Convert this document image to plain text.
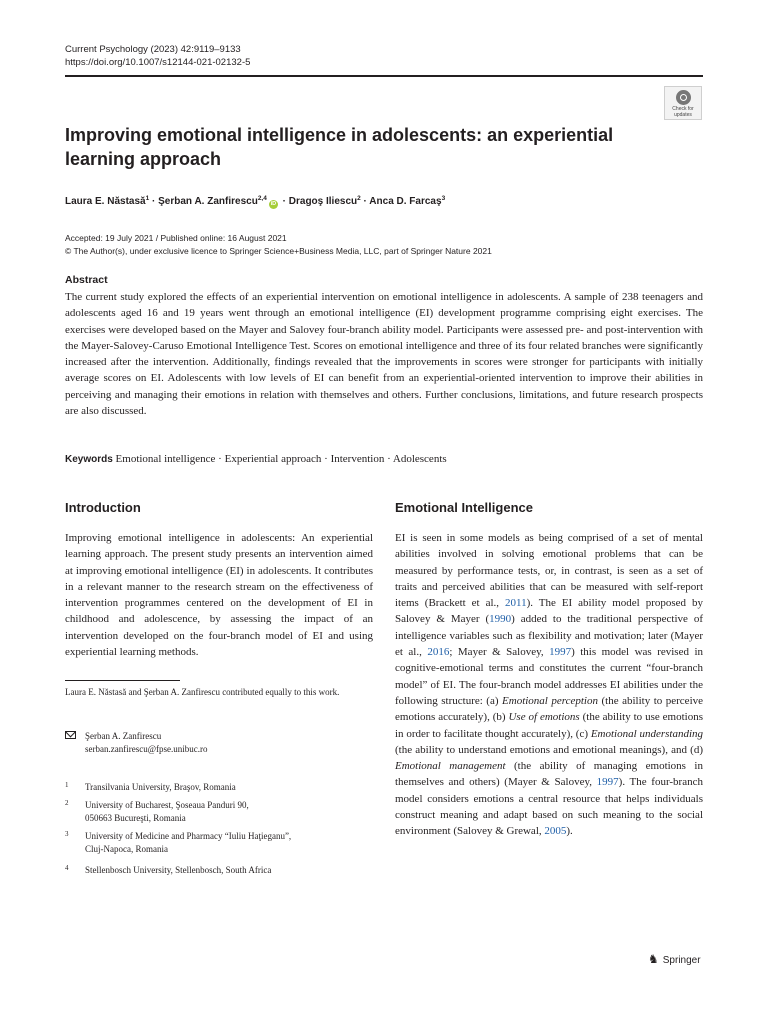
Current Psychology (2023) 42:9119–9133
https://doi.org/10.1007/s12144-021-02132-5
Check for
updates
Improving emotional intelligence in adolescents: an experiential learning approach
Laura E. Năstasă$^1$ · Şerban A. Zanfirescu$^{2,4}$iD · Dragoş Iliescu$^2$ · Anca D. Farcaş$^3$
Accepted: 19 July 2021 / Published online: 16 August 2021
© The Author(s), under exclusive licence to Springer Science+Business Media, LLC, part of Springer Nature 2021
Abstract
The current study explored the effects of an experiential intervention on emotional intelligence in adolescents. A sample of 238 teenagers and adolescents aged 16 and 19 years went through an emotional intelligence (EI) development programme comprising eight exercises. The exercises were developed based on the Mayer and Salovey four-branch ability model. Participants were assessed pre- and post-intervention with the Mayer-Salovey-Caruso Emotional Intelligence Test. Scores on emotional intelligence and three of its four related branches were significantly increased after the intervention. Additionally, findings revealed that the improvements in scores were stronger for participants with initially average scores on EI. Adolescents with low levels of EI can benefit from an experiential-oriented intervention to improve their abilities in perceiving and managing their emotions in relation with themselves and others. Further conclusions, limitations, and future research prospects are also discussed.
Keywords Emotional intelligence · Experiential approach · Intervention · Adolescents
Introduction
Improving emotional intelligence in adolescents: An experiential learning approach. The present study presents an intervention aimed at improving emotional intelligence (EI) in adolescents. It contributes in a relevant manner to the research stream on the effectiveness of intervention programmes centered on the development of EI in childhood and adolescence, by assessing the impact of an intervention developed on the four-branch model of EI and using experiential learning methods.
Laura E. Năstasă and Şerban A. Zanfirescu contributed equally to this work.
Şerban A. Zanfirescu
serban.zanfirescu@fpse.unibuc.ro
1 Transilvania University, Braşov, Romania
2 University of Bucharest, Şoseaua Panduri 90,
050663 Bucureşti, Romania
3 University of Medicine and Pharmacy “Iuliu Haţieganu”,
Cluj-Napoca, Romania
4 Stellenbosch University, Stellenbosch, South Africa
Emotional Intelligence
EI is seen in some models as being comprised of a set of mental abilities involved in solving emotional problems that can be measured by performance tests, or, in contrast, is seen as a set of traits and perceived abilities that can be measured with self-report items (Brackett et al., 2011). The EI ability model proposed by Salovey & Mayer (1990) added to the traditional perspective of intelligence variables such as flexibility and motivation; later (Mayer et al., 2016; Mayer & Salovey, 1997) this model was revised in cognitive-emotional terms and constitutes the current “four-branch model” of EI. The four-branch model addresses EI abilities under the following structure: (a) Emotional perception (the ability to perceive emotions accurately), (b) Use of emotions (the ability to use emotions in order to facilitate thought accurately), (c) Emotional understanding (the ability to understand emotions and emotional meanings), and (d) Emotional management (the ability of managing emotions in themselves and others) (Mayer & Salovey, 1997). The four-branch model considers emotions a central resource that helps individuals construct meaning and adapt based on such meaning to the social environment (Salovey & Grewal, 2005).
♞ Springer
